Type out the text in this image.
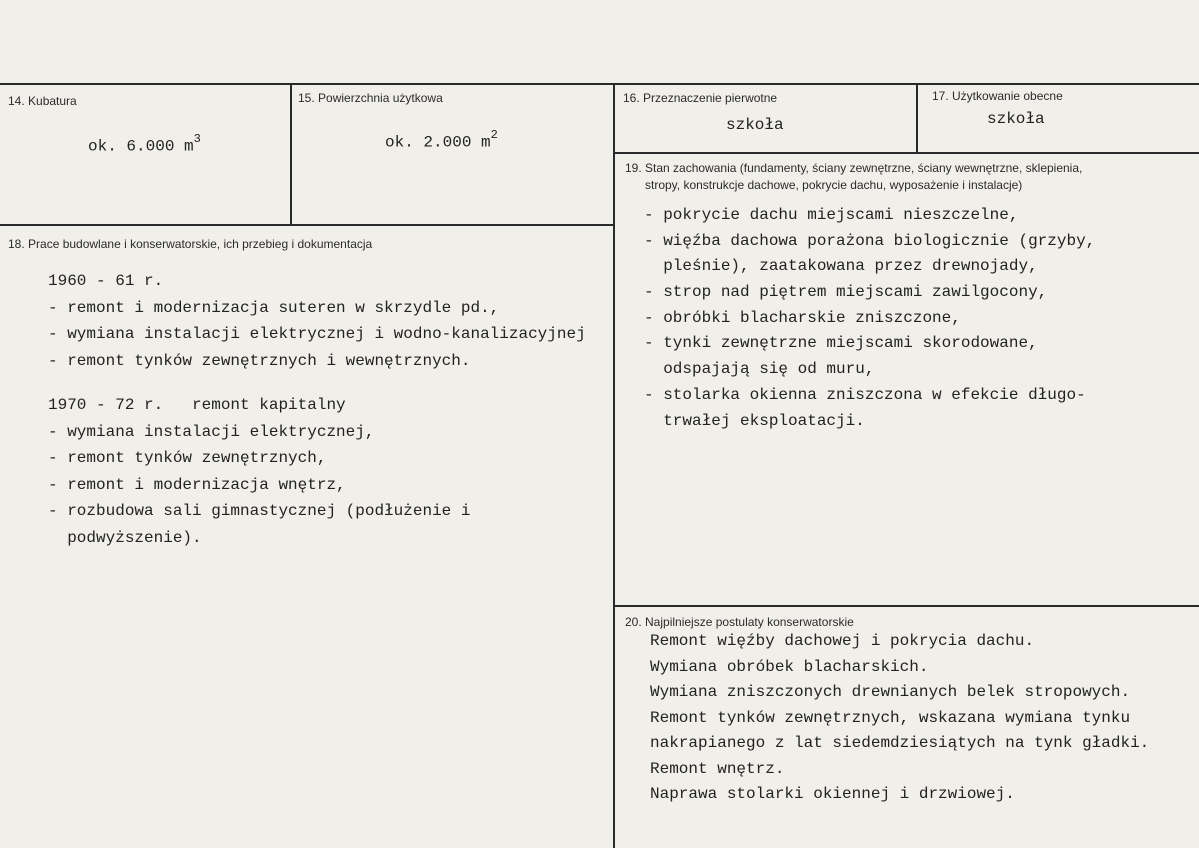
14. Kubatura
ok. 6.000 $m^3$
15. Powierzchnia użytkowa
ok. 2.000 $m^2$
16. Przeznaczenie pierwotne
szkoła
17. Użytkowanie obecne
szkoła
18. Prace budowlane i konserwatorskie, ich przebieg i dokumentacja
1960 - 61 r.
- remont i modernizacja suteren w skrzydle pd.,
- wymiana instalacji elektrycznej i wodno-kanalizacyjnej
- remont tynków zewnętrznych i wewnętrznych.
1970 - 72 r.   remont kapitalny
- wymiana instalacji elektrycznej,
- remont tynków zewnętrznych,
- remont i modernizacja wnętrz,
- rozbudowa sali gimnastycznej (podłużenie i
podwyższenie).
19. Stan zachowania (fundamenty, ściany zewnętrzne, ściany wewnętrzne, sklepienia,
stropy, konstrukcje dachowe, pokrycie dachu, wyposażenie i instalacje)
- pokrycie dachu miejscami nieszczelne,
- więźba dachowa porażona biologicznie (grzyby,
pleśnie), zaatakowana przez drewnojady,
- strop nad piętrem miejscami zawilgocony,
- obróbki blacharskie zniszczone,
- tynki zewnętrzne miejscami skorodowane,
odspajają się od muru,
- stolarka okienna zniszczona w efekcie długo-
trwałej eksploatacji.
20. Najpilniejsze postulaty konserwatorskie
Remont więźby dachowej i pokrycia dachu.
Wymiana obróbek blacharskich.
Wymiana zniszczonych drewnianych belek stropowych.
Remont tynków zewnętrznych, wskazana wymiana tynku
nakrapianego z lat siedemdziesiątych na tynk gładki.
Remont wnętrz.
Naprawa stolarki okiennej i drzwiowej.
